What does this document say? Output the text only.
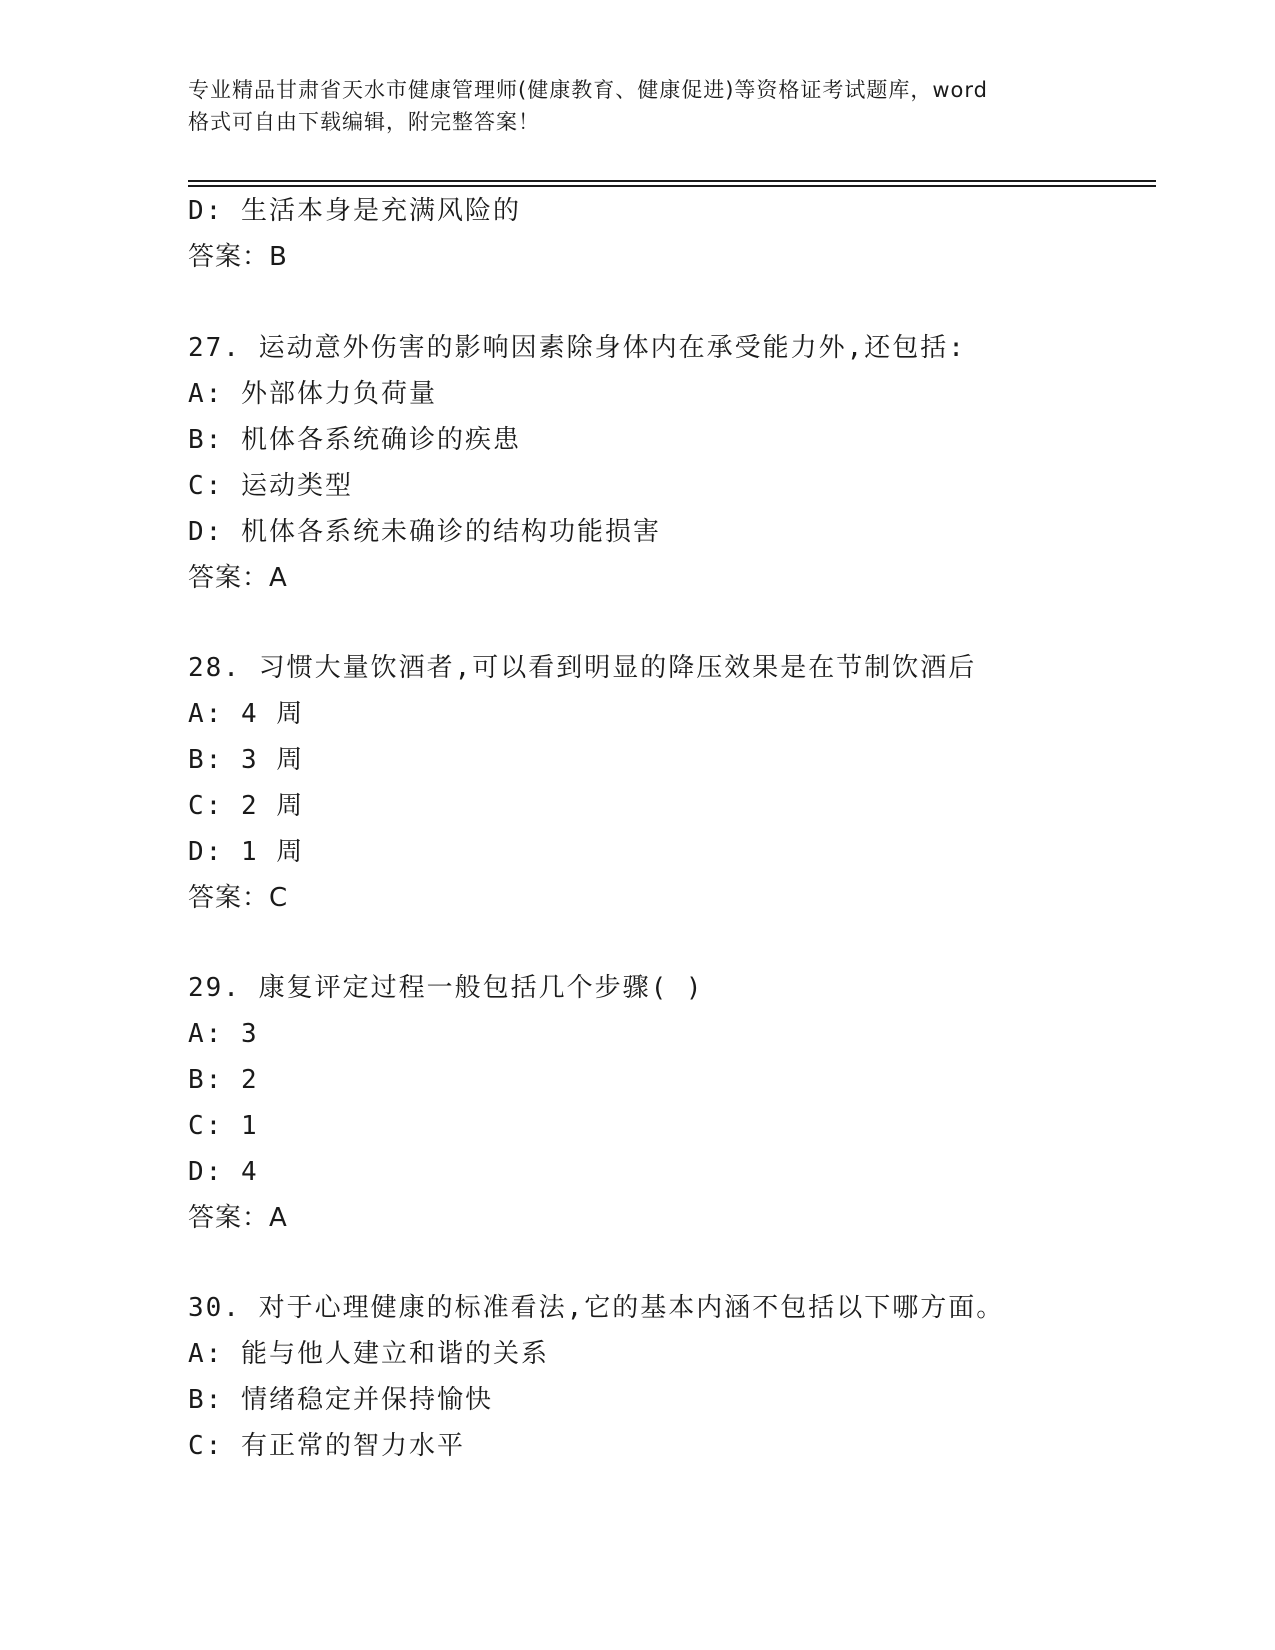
专业精品甘肃省天水市健康管理师(健康教育、健康促进)等资格证考试题库，word
格式可自由下载编辑，附完整答案！
D: 生活本身是充满风险的
答案：B
27. 运动意外伤害的影响因素除身体内在承受能力外,还包括:
A: 外部体力负荷量
B: 机体各系统确诊的疾患
C: 运动类型
D: 机体各系统未确诊的结构功能损害
答案：A
28. 习惯大量饮酒者,可以看到明显的降压效果是在节制饮酒后
A: 4 周
B: 3 周
C: 2 周
D: 1 周
答案：C
29. 康复评定过程一般包括几个步骤( )
A: 3
B: 2
C: 1
D: 4
答案：A
30. 对于心理健康的标准看法,它的基本内涵不包括以下哪方面。
A: 能与他人建立和谐的关系
B: 情绪稳定并保持愉快
C: 有正常的智力水平
